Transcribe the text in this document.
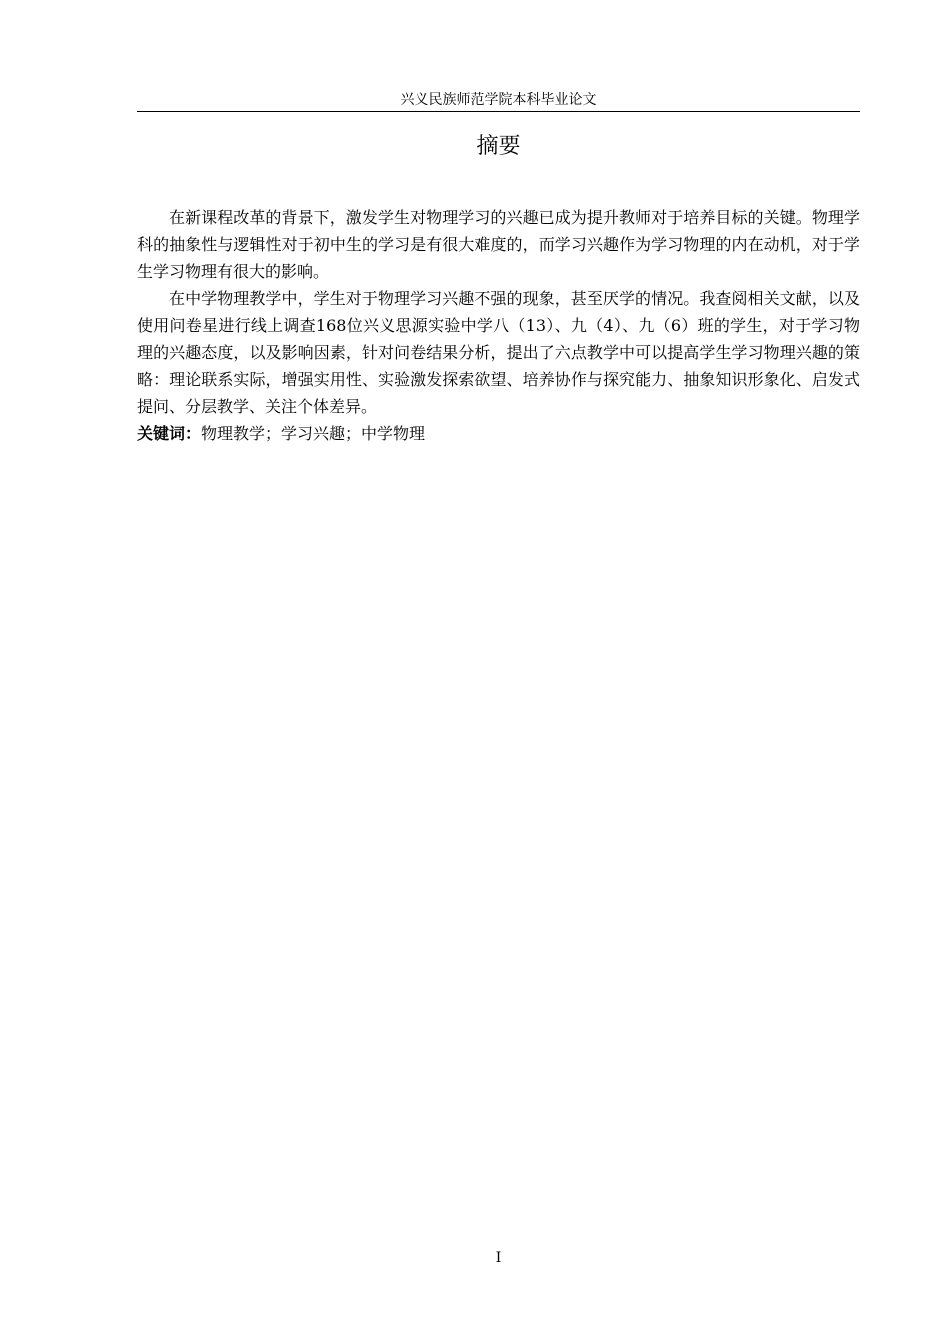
兴义民族师范学院本科毕业论文
摘要

在新课程改革的背景下，激发学生对物理学习的兴趣已成为提升教师对于培养目标的关键。物理学科的抽象性与逻辑性对于初中生的学习是有很大难度的，而学习兴趣作为学习物理的内在动机，对于学生学习物理有很大的影响。

在中学物理教学中，学生对于物理学习兴趣不强的现象，甚至厌学的情况。我查阅相关文献，以及使用问卷星进行线上调查168位兴义思源实验中学八（13）、九（4）、九（6）班的学生，对于学习物理的兴趣态度，以及影响因素，针对问卷结果分析，提出了六点教学中可以提高学生学习物理兴趣的策略：理论联系实际，增强实用性、实验激发探索欲望、培养协作与探究能力、抽象知识形象化、启发式提问、分层教学、关注个体差异。

关键词：物理教学；学习兴趣；中学物理

I
